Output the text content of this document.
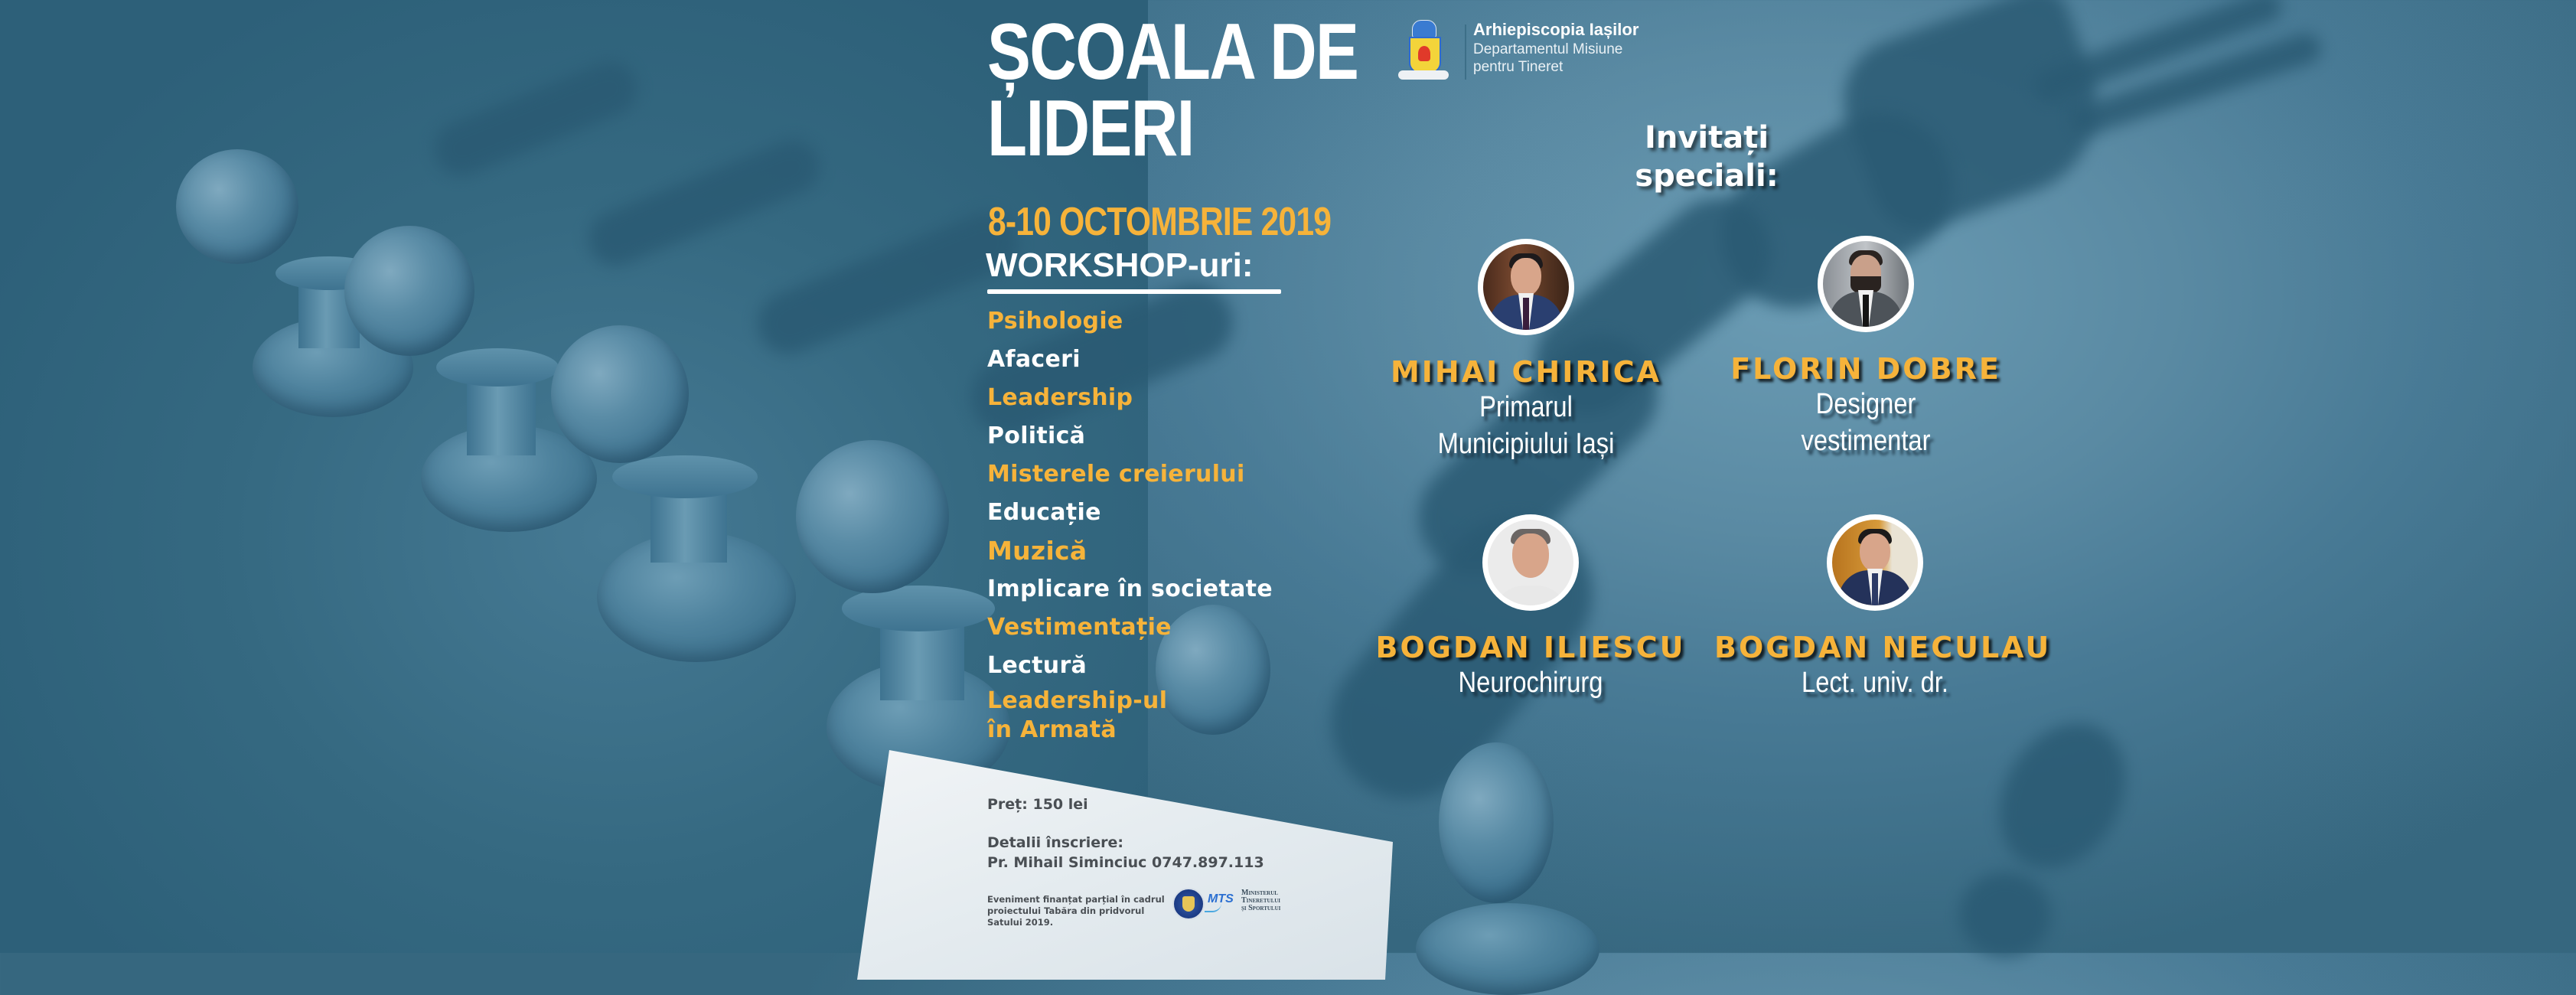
ȘCOALA DE
LIDERI
8-10 OCTOMBRIE 2019
WORKSHOP-uri:
Psihologie
Afaceri
Leadership
Politică
Misterele creierului
Educație
Muzică
Implicare în societate
Vestimentație
Lectură
Leadership-ul
în Armată
Preț: 150 lei
Detalii înscriere:
Pr. Mihail Siminciuc 0747.897.113
Eveniment finanțat parțial în cadrul proiectului Tabăra din pridvorul Satului 2019.
MTS Ministerul
Tineretului
și Sportului
Arhiepiscopia Iașilor
Departamentul Misiune
pentru Tineret
Invitați
speciali:
MIHAI CHIRICA
Primarul
Municipiului Iași
FLORIN DOBRE
Designer
vestimentar
BOGDAN ILIESCU
Neurochirurg
BOGDAN NECULAU
Lect. univ. dr.
